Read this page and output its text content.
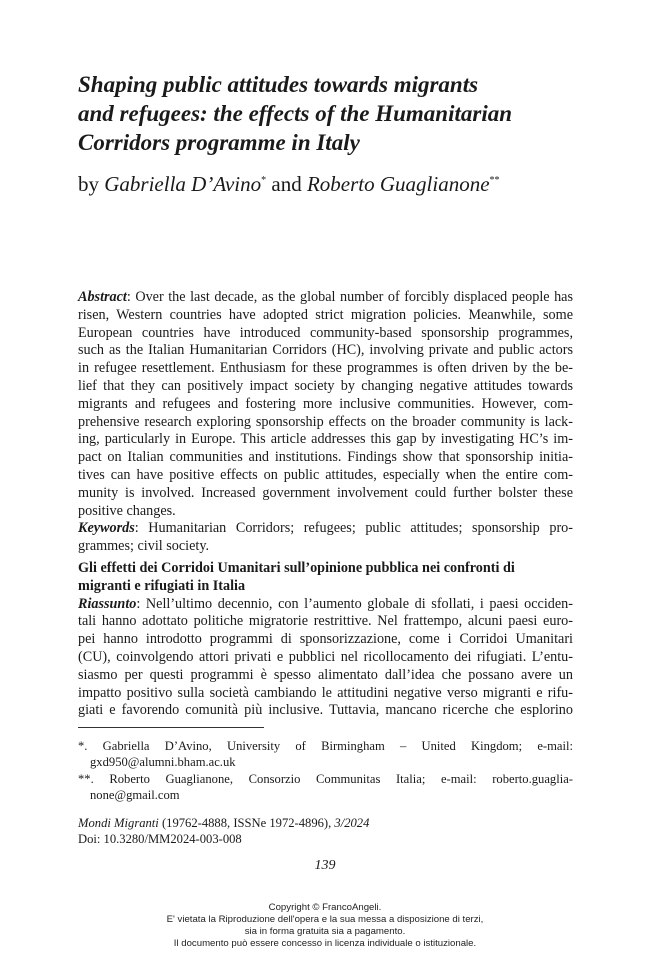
Shaping public attitudes towards migrants
and refugees: the effects of the Humanitarian
Corridors programme in Italy
by Gabriella D’Avino* and Roberto Guaglianone**
Abstract: Over the last decade, as the global number of forcibly displaced people has
risen, Western countries have adopted strict migration policies. Meanwhile, some
European countries have introduced community-based sponsorship programmes,
such as the Italian Humanitarian Corridors (HC), involving private and public actors
in refugee resettlement. Enthusiasm for these programmes is often driven by the be-
lief that they can positively impact society by changing negative attitudes towards
migrants and refugees and fostering more inclusive communities. However, com-
prehensive research exploring sponsorship effects on the broader community is lack-
ing, particularly in Europe. This article addresses this gap by investigating HC’s im-
pact on Italian communities and institutions. Findings show that sponsorship initia-
tives can have positive effects on public attitudes, especially when the entire com-
munity is involved. Increased government involvement could further bolster these
positive changes.
Keywords: Humanitarian Corridors; refugees; public attitudes; sponsorship pro-
grammes; civil society.
Gli effetti dei Corridoi Umanitari sull’opinione pubblica nei confronti di
migranti e rifugiati in Italia
Riassunto: Nell’ultimo decennio, con l’aumento globale di sfollati, i paesi occiden-
tali hanno adottato politiche migratorie restrittive. Nel frattempo, alcuni paesi euro-
pei hanno introdotto programmi di sponsorizzazione, come i Corridoi Umanitari
(CU), coinvolgendo attori privati e pubblici nel ricollocamento dei rifugiati. L’entu-
siasmo per questi programmi è spesso alimentato dall’idea che possano avere un
impatto positivo sulla società cambiando le attitudini negative verso migranti e rifu-
giati e favorendo comunità più inclusive. Tuttavia, mancano ricerche che esplorino
*. Gabriella D’Avino, University of Birmingham – United Kingdom; e-mail:
gxd950@alumni.bham.ac.uk
**. Roberto Guaglianone, Consorzio Communitas Italia; e-mail: roberto.guaglia-
none@gmail.com
Mondi Migranti (19762-4888, ISSNe 1972-4896), 3/2024
Doi: 10.3280/MM2024-003-008
139
Copyright © FrancoAngeli.
E' vietata la Riproduzione dell'opera e la sua messa a disposizione di terzi,
sia in forma gratuita sia a pagamento.
Il documento può essere concesso in licenza individuale o istituzionale.
